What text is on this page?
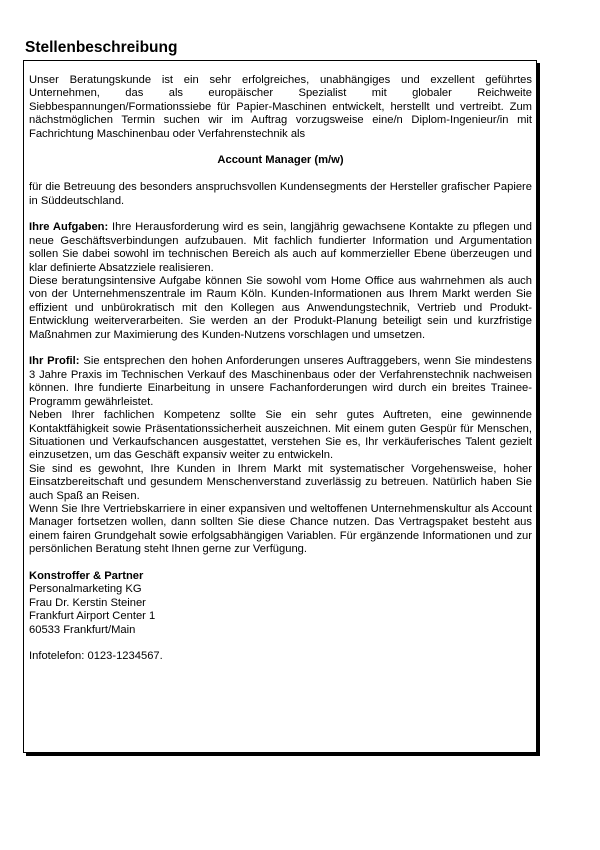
Stellenbeschreibung

Unser Beratungskunde ist ein sehr erfolgreiches, unabhängiges und exzellent geführtes Unternehmen, das als europäischer Spezialist mit globaler Reichweite Siebbespannungen/Formationssiebe für Papier-Maschinen entwickelt, herstellt und vertreibt. Zum nächstmöglichen Termin suchen wir im Auftrag vorzugsweise eine/n Diplom-Ingenieur/in mit Fachrichtung Maschinenbau oder Verfahrenstechnik als

Account Manager (m/w)

für die Betreuung des besonders anspruchsvollen Kundensegments der Hersteller grafischer Papiere in Süddeutschland.

Ihre Aufgaben: Ihre Herausforderung wird es sein, langjährig gewachsene Kontakte zu pflegen und neue Geschäftsverbindungen aufzubauen. Mit fachlich fundierter Information und Argumentation sollen Sie dabei sowohl im technischen Bereich als auch auf kommerzieller Ebene überzeugen und klar definierte Absatzziele realisieren.

Diese beratungsintensive Aufgabe können Sie sowohl vom Home Office aus wahrnehmen als auch von der Unternehmenszentrale im Raum Köln. Kunden-Informationen aus Ihrem Markt werden Sie effizient und unbürokratisch mit den Kollegen aus Anwendungstechnik, Vertrieb und Produkt-Entwicklung weiterverarbeiten. Sie werden an der Produkt-Planung beteiligt sein und kurzfristige Maßnahmen zur Maximierung des Kunden-Nutzens vorschlagen und umsetzen.

Ihr Profil: Sie entsprechen den hohen Anforderungen unseres Auftraggebers, wenn Sie mindestens 3 Jahre Praxis im Technischen Verkauf des Maschinenbaus oder der Verfahrenstechnik nachweisen können. Ihre fundierte Einarbeitung in unsere Fachanforderungen wird durch ein breites Trainee-Programm gewährleistet.

Neben Ihrer fachlichen Kompetenz sollte Sie ein sehr gutes Auftreten, eine gewinnende Kontaktfähigkeit sowie Präsentationssicherheit auszeichnen. Mit einem guten Gespür für Menschen, Situationen und Verkaufschancen ausgestattet, verstehen Sie es, Ihr verkäuferisches Talent gezielt einzusetzen, um das Geschäft expansiv weiter zu entwickeln.

Sie sind es gewohnt, Ihre Kunden in Ihrem Markt mit systematischer Vorgehensweise, hoher Einsatzbereitschaft und gesundem Menschenverstand zuverlässig zu betreuen. Natürlich haben Sie auch Spaß an Reisen.

Wenn Sie Ihre Vertriebskarriere in einer expansiven und weltoffenen Unternehmenskultur als Account Manager fortsetzen wollen, dann sollten Sie diese Chance nutzen. Das Vertragspaket besteht aus einem fairen Grundgehalt sowie erfolgsabhängigen Variablen. Für ergänzende Informationen und zur persönlichen Beratung steht Ihnen gerne zur Verfügung.

Konstroffer & Partner
Personalmarketing KG
Frau Dr. Kerstin Steiner
Frankfurt Airport Center 1
60533 Frankfurt/Main
Infotelefon: 0123-1234567.
